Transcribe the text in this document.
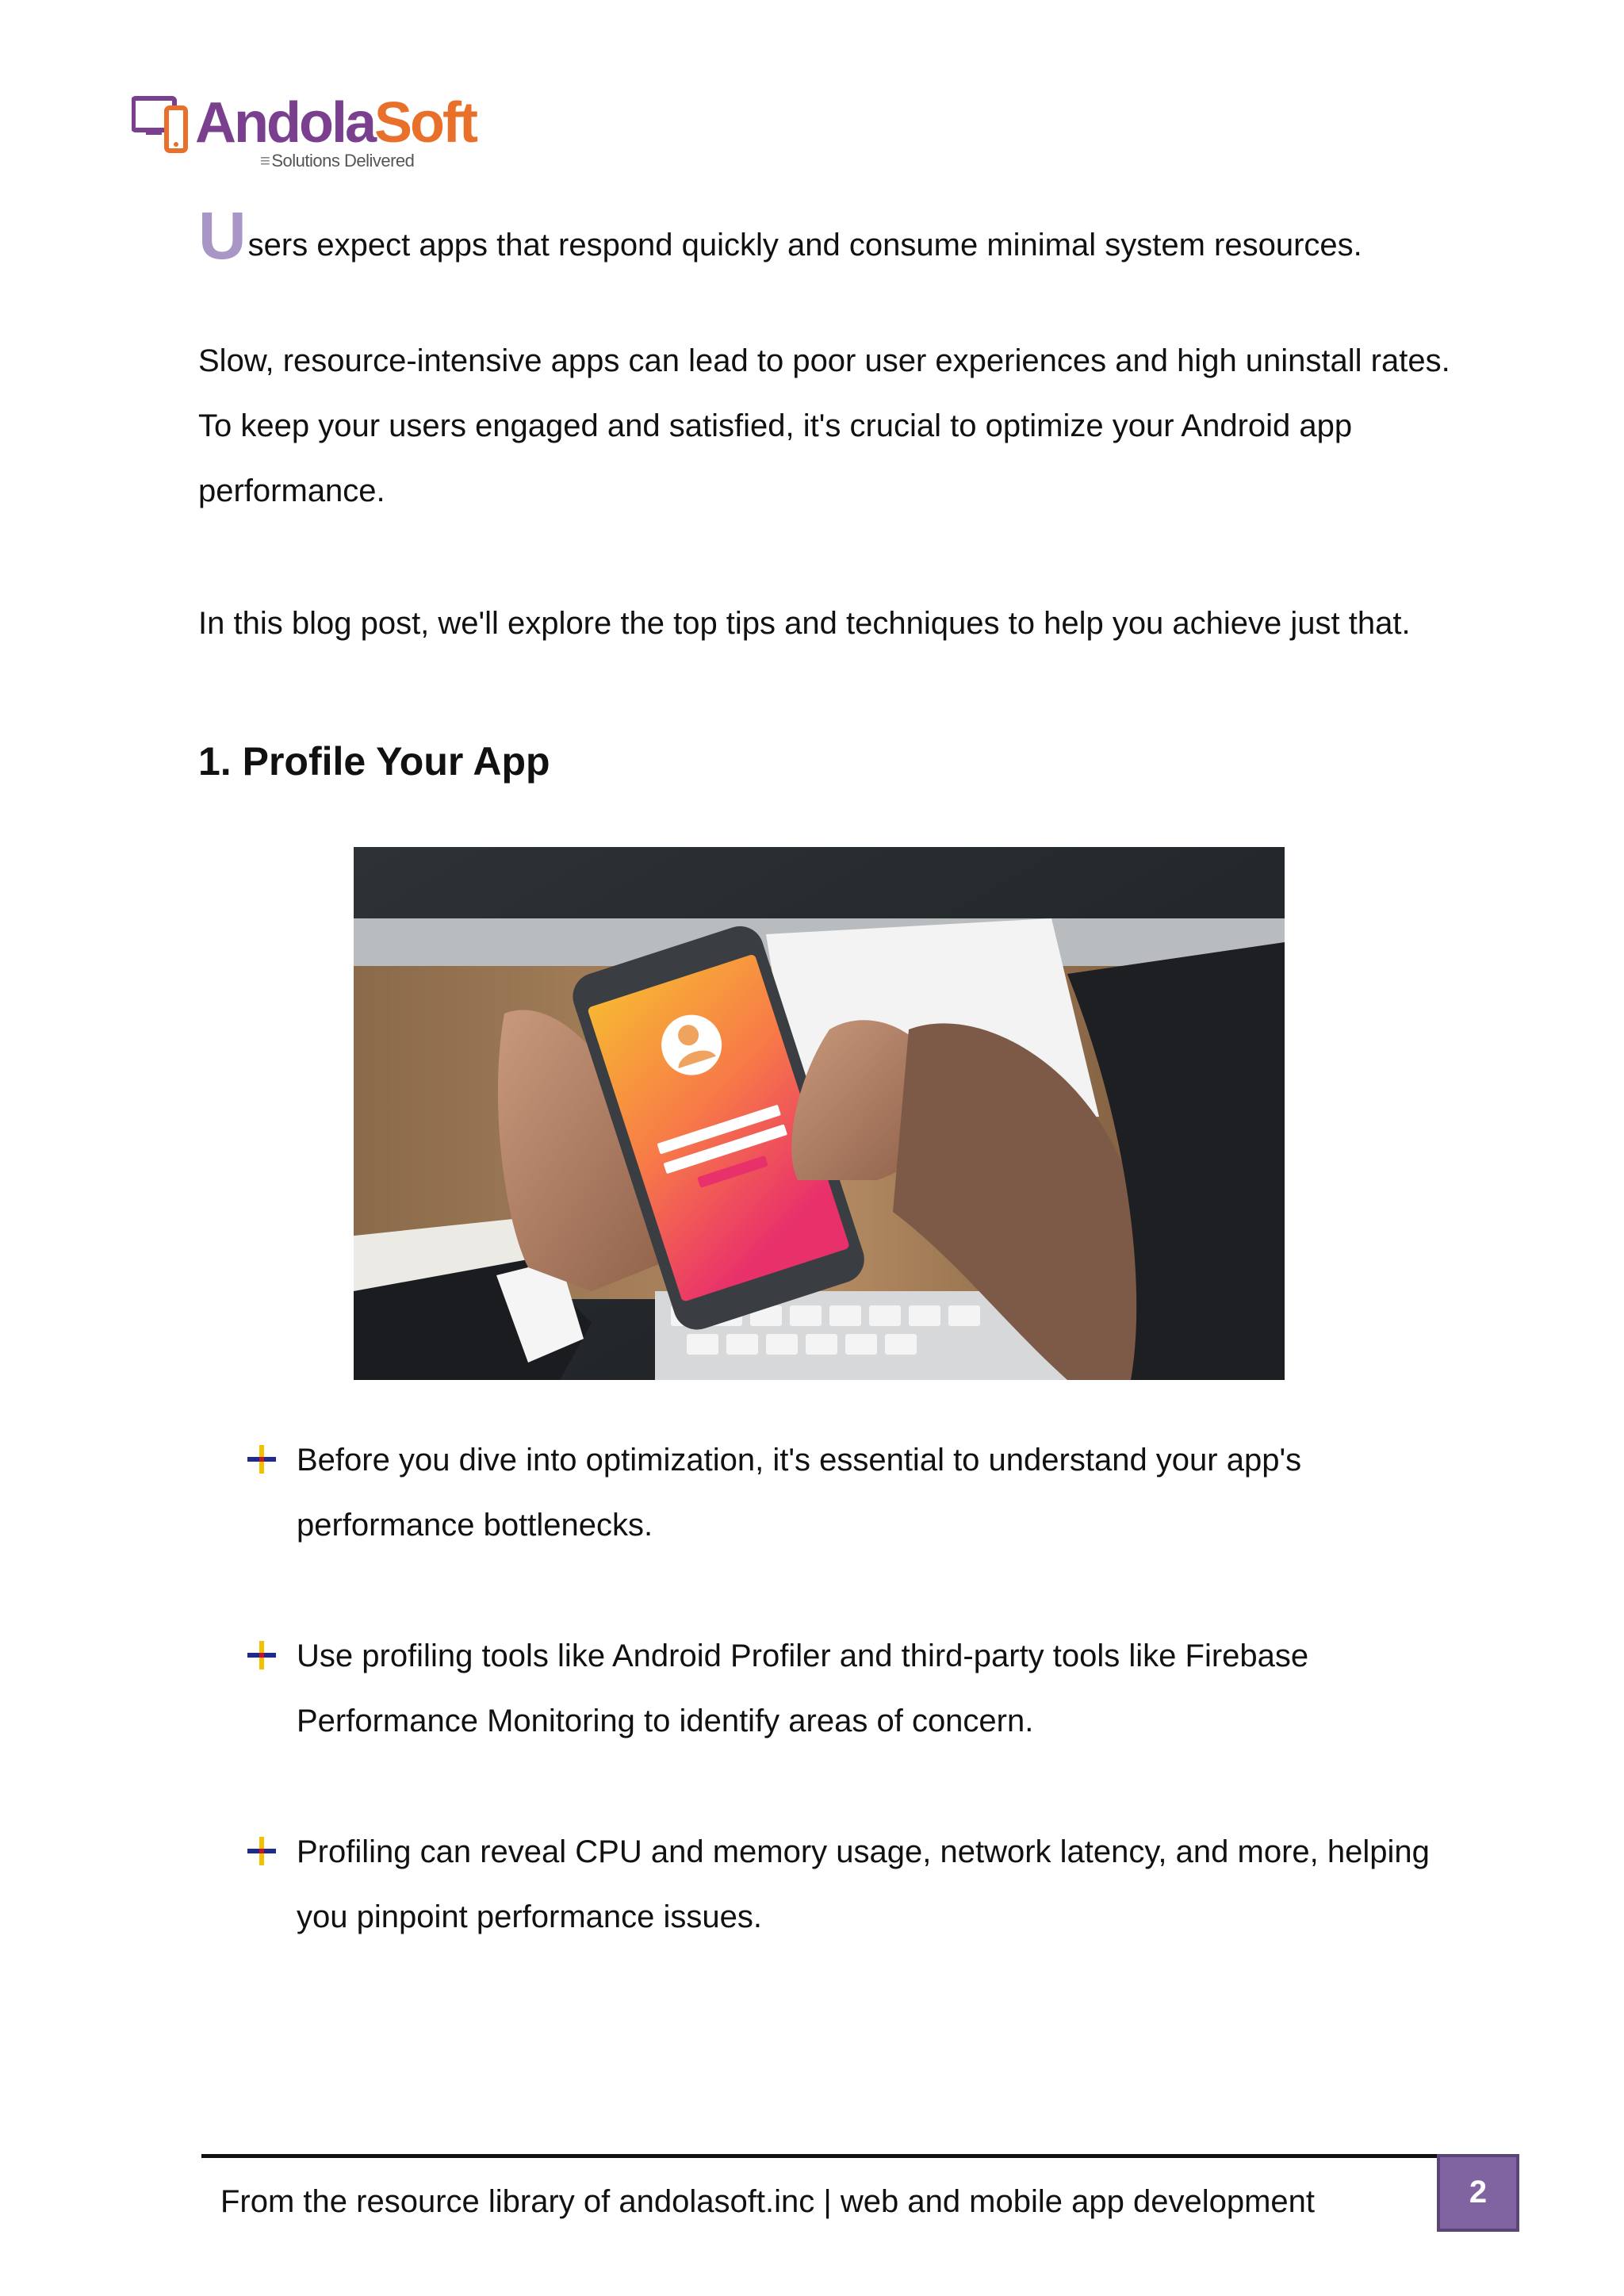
AndolaSoft
≡ Solutions Delivered
Users expect apps that respond quickly and consume minimal system resources.

Slow, resource-intensive apps can lead to poor user experiences and high uninstall rates. To keep your users engaged and satisfied, it's crucial to optimize your Android app performance.

In this blog post, we'll explore the top tips and techniques to help you achieve just that.

1. Profile Your App
Before you dive into optimization, it's essential to understand your app's performance bottlenecks.
Use profiling tools like Android Profiler and third-party tools like Firebase Performance Monitoring to identify areas of concern.
Profiling can reveal CPU and memory usage, network latency, and more, helping you pinpoint performance issues.
From the resource library of andolasoft.inc | web and mobile app development	2
